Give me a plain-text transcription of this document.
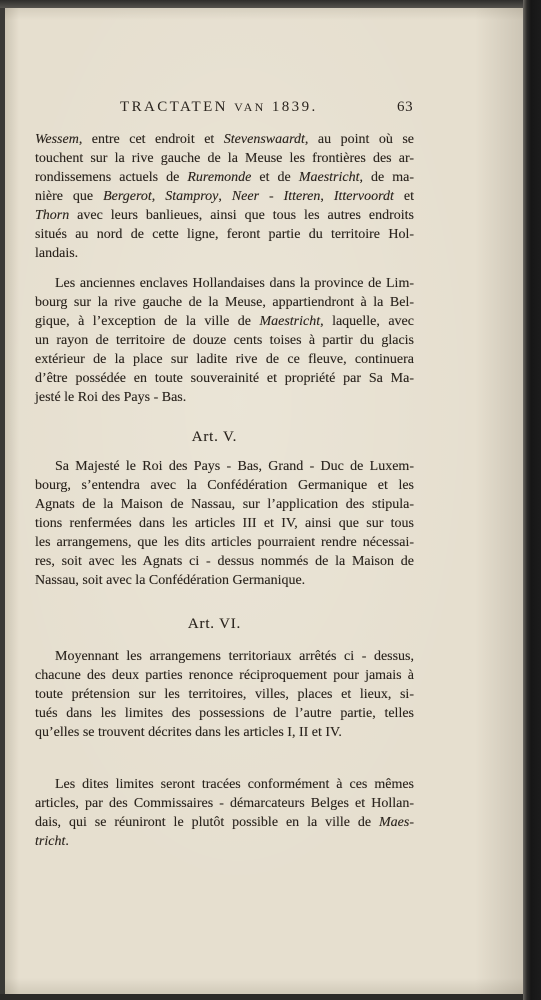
TRACTATEN VAN 1839.	63
Wessem, entre cet endroit et Stevenswaardt, au point où se
touchent sur la rive gauche de la Meuse les frontières des ar-
rondissemens actuels de Ruremonde et de Maestricht, de ma-
nière que Bergerot, Stamproy, Neer - Itteren, Ittervoordt et
Thorn avec leurs banlieues, ainsi que tous les autres endroits
situés au nord de cette ligne, feront partie du territoire Hol-
landais.
Les anciennes enclaves Hollandaises dans la province de Lim-
bourg sur la rive gauche de la Meuse, appartiendront à la Bel-
gique, à l’exception de la ville de Maestricht, laquelle, avec
un rayon de territoire de douze cents toises à partir du glacis
extérieur de la place sur ladite rive de ce fleuve, continuera
d’être possédée en toute souverainité et propriété par Sa Ma-
jesté le Roi des Pays - Bas.
Art. V.
Sa Majesté le Roi des Pays - Bas, Grand - Duc de Luxem-
bourg, s’entendra avec la Confédération Germanique et les
Agnats de la Maison de Nassau, sur l’application des stipula-
tions renfermées dans les articles III et IV, ainsi que sur tous
les arrangemens, que les dits articles pourraient rendre nécessai-
res, soit avec les Agnats ci - dessus nommés de la Maison de
Nassau, soit avec la Confédération Germanique.
Art. VI.
Moyennant les arrangemens territoriaux arrêtés ci - dessus,
chacune des deux parties renonce réciproquement pour jamais à
toute prétension sur les territoires, villes, places et lieux, si-
tués dans les limites des possessions de l’autre partie, telles
qu’elles se trouvent décrites dans les articles I, II et IV.
Les dites limites seront tracées conformément à ces mêmes
articles, par des Commissaires - démarcateurs Belges et Hollan-
dais, qui se réuniront le plutôt possible en la ville de Maes-
tricht.
